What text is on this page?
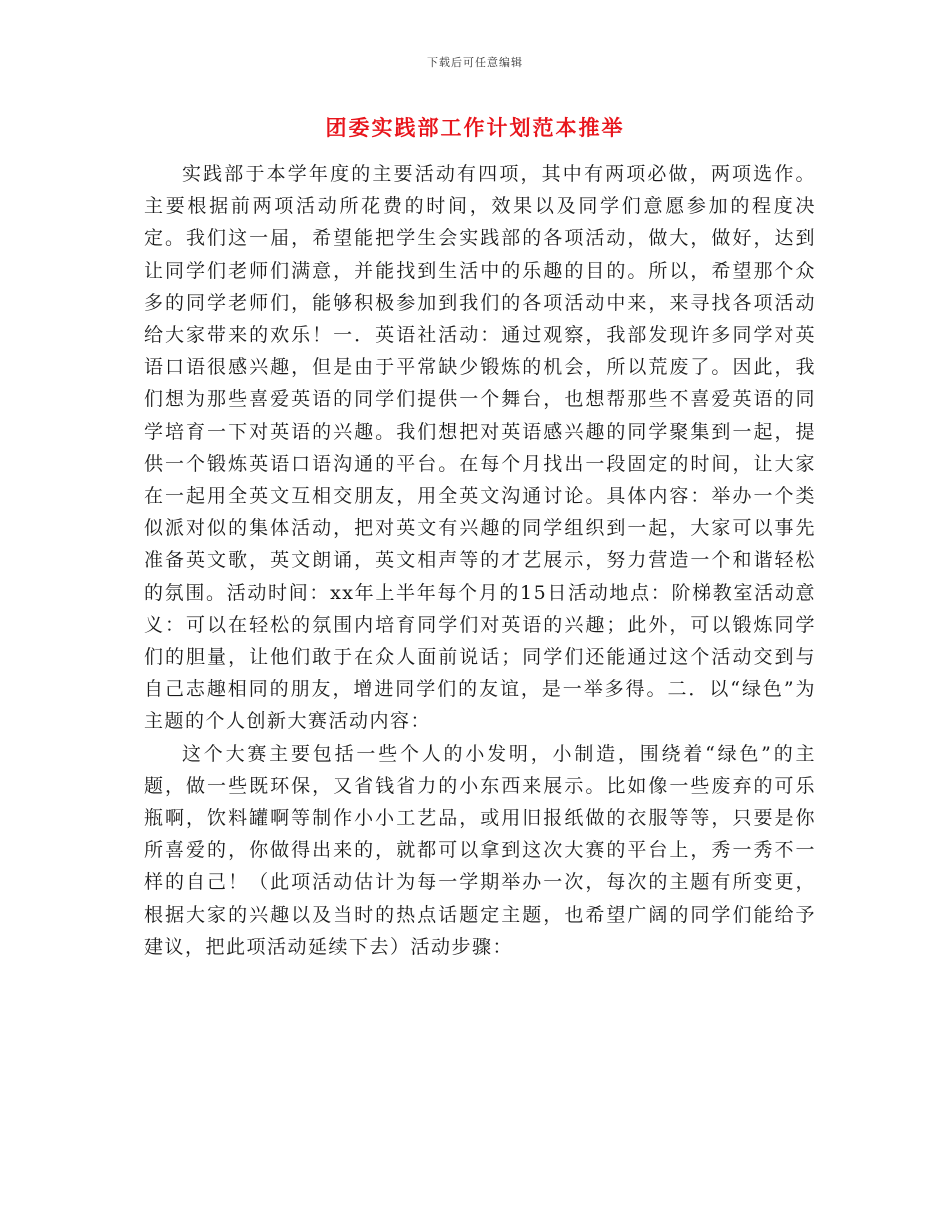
下载后可任意编辑
团委实践部工作计划范本推举

实践部于本学年度的主要活动有四项，其中有两项必做，两项选作。主要根据前两项活动所花费的时间，效果以及同学们意愿参加的程度决定。我们这一届，希望能把学生会实践部的各项活动，做大，做好，达到让同学们老师们满意，并能找到生活中的乐趣的目的。所以，希望那个众多的同学老师们，能够积极参加到我们的各项活动中来，来寻找各项活动给大家带来的欢乐！一．英语社活动：通过观察，我部发现许多同学对英语口语很感兴趣，但是由于平常缺少锻炼的机会，所以荒废了。因此，我们想为那些喜爱英语的同学们提供一个舞台，也想帮那些不喜爱英语的同学培育一下对英语的兴趣。我们想把对英语感兴趣的同学聚集到一起，提供一个锻炼英语口语沟通的平台。在每个月找出一段固定的时间，让大家在一起用全英文互相交朋友，用全英文沟通讨论。具体内容：举办一个类似派对似的集体活动，把对英文有兴趣的同学组织到一起，大家可以事先准备英文歌，英文朗诵，英文相声等的才艺展示，努力营造一个和谐轻松的氛围。活动时间：xx年上半年每个月的15日活动地点：阶梯教室活动意义：可以在轻松的氛围内培育同学们对英语的兴趣；此外，可以锻炼同学们的胆量，让他们敢于在众人面前说话；同学们还能通过这个活动交到与自己志趣相同的朋友，增进同学们的友谊，是一举多得。二．以“绿色”为主题的个人创新大赛活动内容：

这个大赛主要包括一些个人的小发明，小制造，围绕着“绿色”的主题，做一些既环保，又省钱省力的小东西来展示。比如像一些废弃的可乐瓶啊，饮料罐啊等制作小小工艺品，或用旧报纸做的衣服等等，只要是你所喜爱的，你做得出来的，就都可以拿到这次大赛的平台上，秀一秀不一样的自己！（此项活动估计为每一学期举办一次，每次的主题有所变更，根据大家的兴趣以及当时的热点话题定主题，也希望广阔的同学们能给予建议，把此项活动延续下去）活动步骤：
